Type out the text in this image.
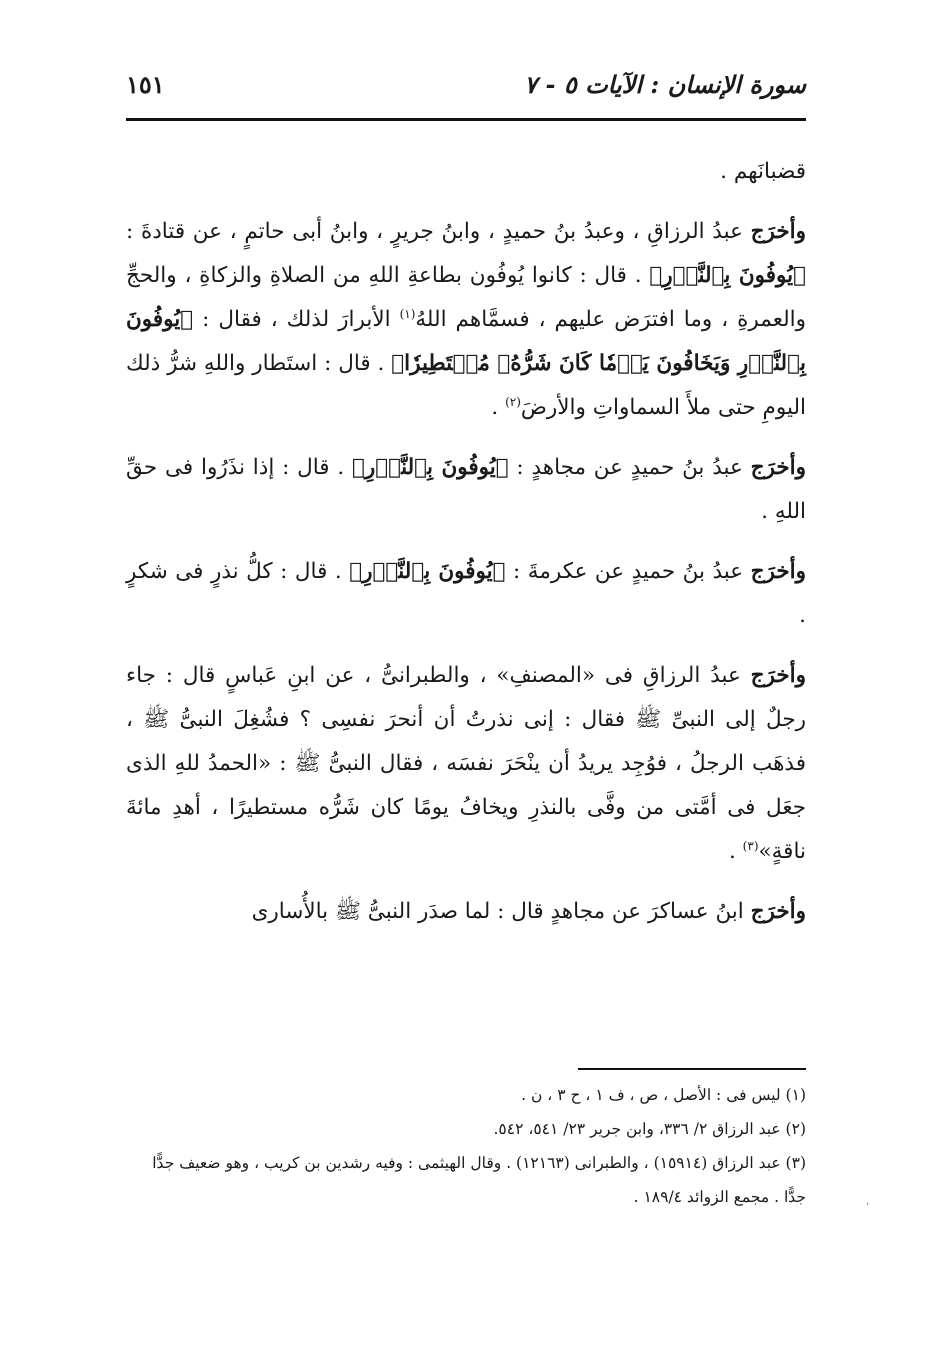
سورة الإنسان : الآيات ٥ - ٧
١٥١

قضبانَهم .

وأخرَج عبدُ الرزاقِ ، وعبدُ بنُ حميدٍ ، وابنُ جريرٍ ، وابنُ أبى حاتمٍ ، عن قتادةَ : ﴿يُوفُونَ بِٱلنَّذۡرِ﴾ . قال : كانوا يُوفُون بطاعةِ اللهِ من الصلاةِ والزكاةِ ، والحجِّ والعمرةِ ، وما افترَض عليهم ، فسمَّاهم اللهُ$^{(١)}$ الأبرارَ لذلك ، فقال : ﴿يُوفُونَ بِٱلنَّذۡرِ وَيَخَافُونَ يَوۡمٗا كَانَ شَرُّهُۥ مُسۡتَطِيرٗا﴾ . قال : استَطار واللهِ شرُّ ذلك اليومِ حتى ملأَ السماواتِ والأرضَ$^{(٢)}$ .

وأخرَج عبدُ بنُ حميدٍ عن مجاهدٍ : ﴿يُوفُونَ بِٱلنَّذۡرِ﴾ . قال : إذا نذَرُوا فى حقِّ اللهِ .

وأخرَج عبدُ بنُ حميدٍ عن عكرمةَ : ﴿يُوفُونَ بِٱلنَّذۡرِ﴾ . قال : كلُّ نذرٍ فى شكرٍ .

وأخرَج عبدُ الرزاقِ فى «المصنفِ» ، والطبرانىُّ ، عن ابنِ عَباسٍ قال : جاء رجلٌ إلى النبىِّ ﷺ فقال : إنى نذرتُ أن أنحرَ نفسِى ؟ فشُغِلَ النبىُّ ﷺ ، فذهَب الرجلُ ، فوُجِد يريدُ أن ينْحَرَ نفسَه ، فقال النبىُّ ﷺ : «الحمدُ للهِ الذى جعَل فى أمَّتى من وفَّى بالنذرِ ويخافُ يومًا كان شَرُّه مستطيرًا ، أهدِ مائةَ ناقةٍ»$^{(٣)}$ .

وأخرَج ابنُ عساكرَ عن مجاهدٍ قال : لما صدَر النبىُّ ﷺ بالأُسارى

(١) ليس فى : الأصل ، ص ، ف ١ ، ح ٣ ، ن .

(٢) عبد الرزاق ٢/ ٣٣٦، وابن جرير ٢٣/ ٥٤١، ٥٤٢.

(٣) عبد الرزاق (١٥٩١٤) ، والطبرانى (١٢١٦٣) . وقال الهيثمى : وفيه رشدين بن كريب ، وهو ضعيف جدًّا جدًّا . مجمع الزوائد ١٨٩/٤ .

٬
